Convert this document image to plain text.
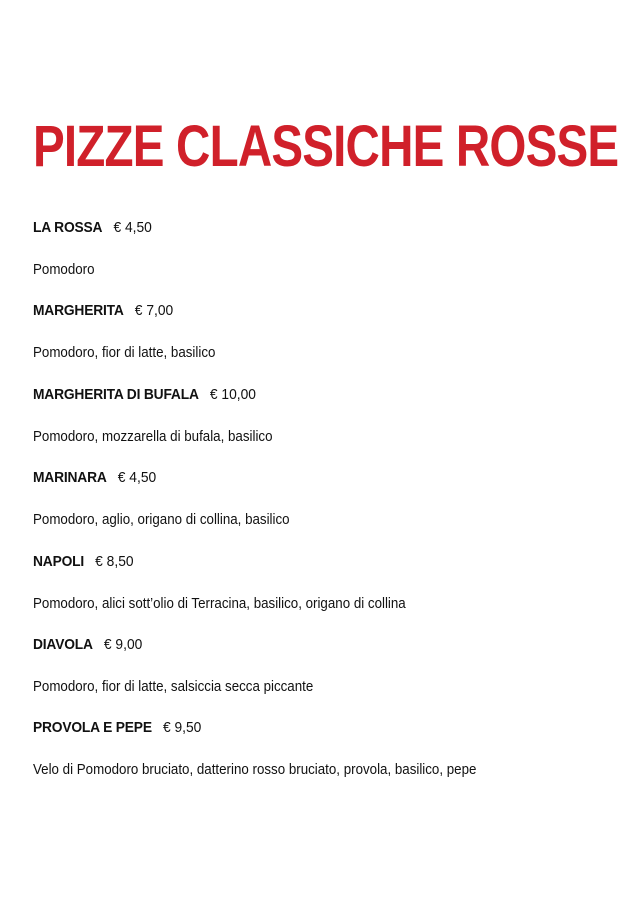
PIZZE CLASSICHE ROSSE
LA ROSSA   € 4,50
Pomodoro
MARGHERITA   € 7,00
Pomodoro, fior di latte, basilico
MARGHERITA DI BUFALA   € 10,00
Pomodoro, mozzarella di bufala, basilico
MARINARA   € 4,50
Pomodoro, aglio, origano di collina, basilico
NAPOLI   € 8,50
Pomodoro, alici sott’olio di Terracina, basilico, origano di collina
DIAVOLA   € 9,00
Pomodoro, fior di latte, salsiccia secca piccante
PROVOLA E PEPE   € 9,50
Velo di Pomodoro bruciato, datterino rosso bruciato, provola, basilico, pepe
